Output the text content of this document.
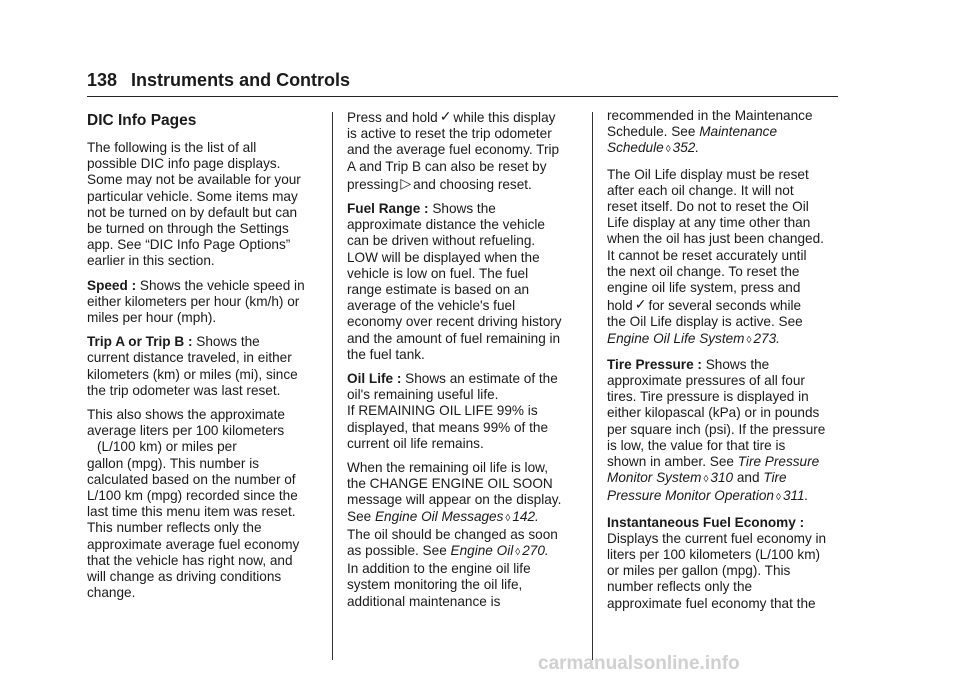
138 Instruments and Controls
DIC Info Pages

The following is the list of all
possible DIC info page displays.
Some may not be available for your
particular vehicle. Some items may
not be turned on by default but can
be turned on through the Settings
app. See “DIC Info Page Options”
earlier in this section.

Speed : Shows the vehicle speed in
either kilometers per hour (km/h) or
miles per hour (mph).

Trip A or Trip B : Shows the
current distance traveled, in either
kilometers (km) or miles (mi), since
the trip odometer was last reset.

This also shows the approximate
average liters per 100 kilometers
(L/100 km) or miles per
gallon (mpg). This number is
calculated based on the number of
L/100 km (mpg) recorded since the
last time this menu item was reset.
This number reflects only the
approximate average fuel economy
that the vehicle has right now, and
will change as driving conditions
change.

Press and hold ✓ while this display
is active to reset the trip odometer
and the average fuel economy. Trip
A and Trip B can also be reset by
pressing ▷ and choosing reset.

Fuel Range : Shows the
approximate distance the vehicle
can be driven without refueling.
LOW will be displayed when the
vehicle is low on fuel. The fuel
range estimate is based on an
average of the vehicle's fuel
economy over recent driving history
and the amount of fuel remaining in
the fuel tank.

Oil Life : Shows an estimate of the
oil's remaining useful life.
If REMAINING OIL LIFE 99% is
displayed, that means 99% of the
current oil life remains.

When the remaining oil life is low,
the CHANGE ENGINE OIL SOON
message will appear on the display.
See Engine Oil Messages ◊ 142.
The oil should be changed as soon
as possible. See Engine Oil ◊ 270.
In addition to the engine oil life
system monitoring the oil life,
additional maintenance is

recommended in the Maintenance
Schedule. See Maintenance
Schedule ◊ 352.

The Oil Life display must be reset
after each oil change. It will not
reset itself. Do not to reset the Oil
Life display at any time other than
when the oil has just been changed.
It cannot be reset accurately until
the next oil change. To reset the
engine oil life system, press and
hold ✓ for several seconds while
the Oil Life display is active. See
Engine Oil Life System ◊ 273.

Tire Pressure : Shows the
approximate pressures of all four
tires. Tire pressure is displayed in
either kilopascal (kPa) or in pounds
per square inch (psi). If the pressure
is low, the value for that tire is
shown in amber. See Tire Pressure
Monitor System ◊ 310 and Tire
Pressure Monitor Operation ◊ 311.

Instantaneous Fuel Economy :
Displays the current fuel economy in
liters per 100 kilometers (L/100 km)
or miles per gallon (mpg). This
number reflects only the
approximate fuel economy that the

carmanualsonline.info
